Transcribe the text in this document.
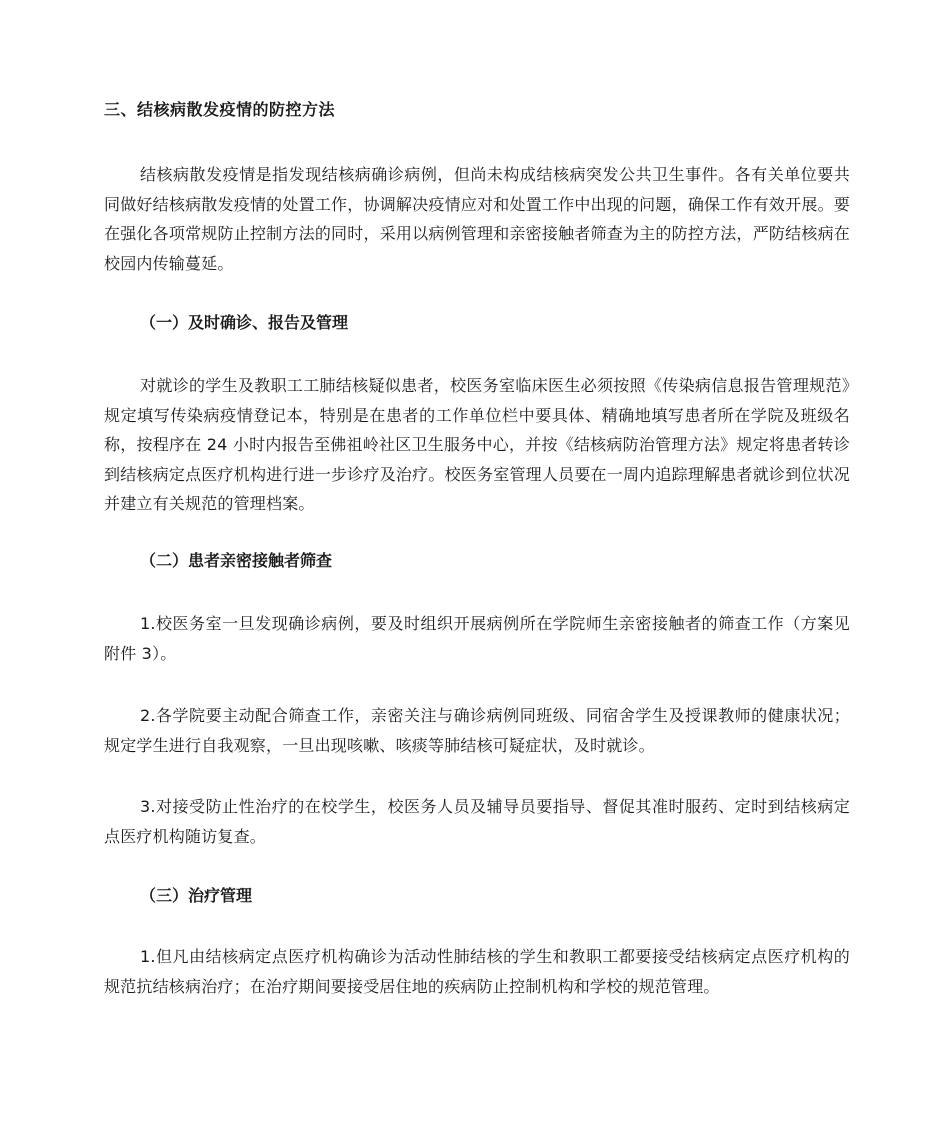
三、结核病散发疫情的防控方法

结核病散发疫情是指发现结核病确诊病例，但尚未构成结核病突发公共卫生事件。各有关单位要共同做好结核病散发疫情的处置工作，协调解决疫情应对和处置工作中出现的问题，确保工作有效开展。要在强化各项常规防止控制方法的同时，采用以病例管理和亲密接触者筛查为主的防控方法，严防结核病在校园内传输蔓延。

（一）及时确诊、报告及管理

对就诊的学生及教职工工肺结核疑似患者，校医务室临床医生必须按照《传染病信息报告管理规范》规定填写传染病疫情登记本，特别是在患者的工作单位栏中要具体、精确地填写患者所在学院及班级名称，按程序在 24 小时内报告至佛祖岭社区卫生服务中心，并按《结核病防治管理方法》规定将患者转诊到结核病定点医疗机构进行进一步诊疗及治疗。校医务室管理人员要在一周内追踪理解患者就诊到位状况并建立有关规范的管理档案。

（二）患者亲密接触者筛查

1.校医务室一旦发现确诊病例，要及时组织开展病例所在学院师生亲密接触者的筛查工作（方案见附件 3）。

2.各学院要主动配合筛查工作，亲密关注与确诊病例同班级、同宿舍学生及授课教师的健康状况；规定学生进行自我观察，一旦出现咳嗽、咳痰等肺结核可疑症状，及时就诊。

3.对接受防止性治疗的在校学生，校医务人员及辅导员要指导、督促其准时服药、定时到结核病定点医疗机构随访复查。

（三）治疗管理

1.但凡由结核病定点医疗机构确诊为活动性肺结核的学生和教职工都要接受结核病定点医疗机构的规范抗结核病治疗；在治疗期间要接受居住地的疾病防止控制机构和学校的规范管理。
